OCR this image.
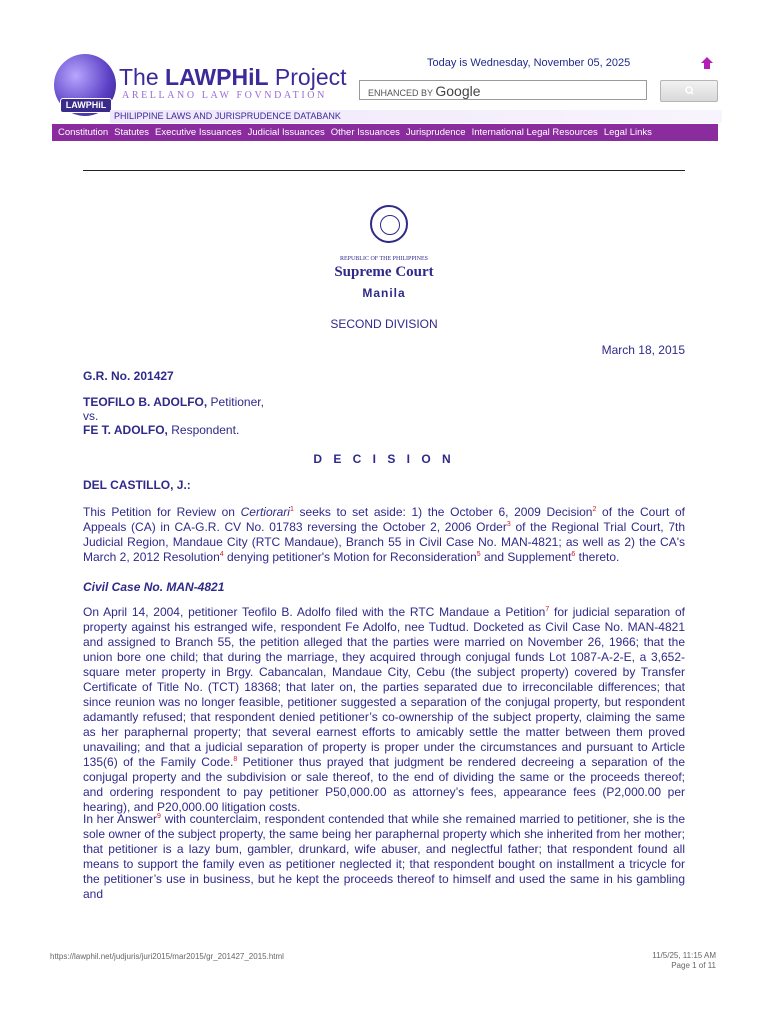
LAWPHiL
The LAWPHiL Project
ARELLANO LAW FOVNDATION
PHILIPPINE LAWS AND JURISPRUDENCE DATABANK
Today is Wednesday, November 05, 2025
ENHANCED BY Google
Constitution Statutes Executive Issuances Judicial Issuances Other Issuances Jurisprudence International Legal Resources Legal Links
REPUBLIC OF THE PHILIPPINES
Supreme Court
Manila
SECOND DIVISION
March 18, 2015
G.R. No. 201427
TEOFILO B. ADOLFO, Petitioner,
vs.
FE T. ADOLFO, Respondent.
D E C I S I O N
DEL CASTILLO, J.:
This Petition for Review on Certiorari$^1$ seeks to set aside: 1) the October 6, 2009 Decision$^2$ of the Court of Appeals (CA) in CA-G.R. CV No. 01783 reversing the October 2, 2006 Order$^3$ of the Regional Trial Court, 7th Judicial Region, Mandaue City (RTC Mandaue), Branch 55 in Civil Case No. MAN-4821; as well as 2) the CA's March 2, 2012 Resolution$^4$ denying petitioner's Motion for Reconsideration$^5$ and Supplement$^6$ thereto.
Civil Case No. MAN-4821
On April 14, 2004, petitioner Teofilo B. Adolfo filed with the RTC Mandaue a Petition$^7$ for judicial separation of property against his estranged wife, respondent Fe Adolfo, nee Tudtud. Docketed as Civil Case No. MAN-4821 and assigned to Branch 55, the petition alleged that the parties were married on November 26, 1966; that the union bore one child; that during the marriage, they acquired through conjugal funds Lot 1087-A-2-E, a 3,652-square meter property in Brgy. Cabancalan, Mandaue City, Cebu (the subject property) covered by Transfer Certificate of Title No. (TCT) 18368; that later on, the parties separated due to irreconcilable differences; that since reunion was no longer feasible, petitioner suggested a separation of the conjugal property, but respondent adamantly refused; that respondent denied petitioner’s co-ownership of the subject property, claiming the same as her paraphernal property; that several earnest efforts to amicably settle the matter between them proved unavailing; and that a judicial separation of property is proper under the circumstances and pursuant to Article 135(6) of the Family Code.$^8$ Petitioner thus prayed that judgment be rendered decreeing a separation of the conjugal property and the subdivision or sale thereof, to the end of dividing the same or the proceeds thereof; and ordering respondent to pay petitioner P50,000.00 as attorney’s fees, appearance fees (P2,000.00 per hearing), and P20,000.00 litigation costs.
In her Answer$^9$ with counterclaim, respondent contended that while she remained married to petitioner, she is the sole owner of the subject property, the same being her paraphernal property which she inherited from her mother; that petitioner is a lazy bum, gambler, drunkard, wife abuser, and neglectful father; that respondent found all means to support the family even as petitioner neglected it; that respondent bought on installment a tricycle for the petitioner’s use in business, but he kept the proceeds thereof to himself and used the same in his gambling and
https://lawphil.net/judjuris/juri2015/mar2015/gr_201427_2015.html	11/5/25, 11:15 AM
Page 1 of 11
